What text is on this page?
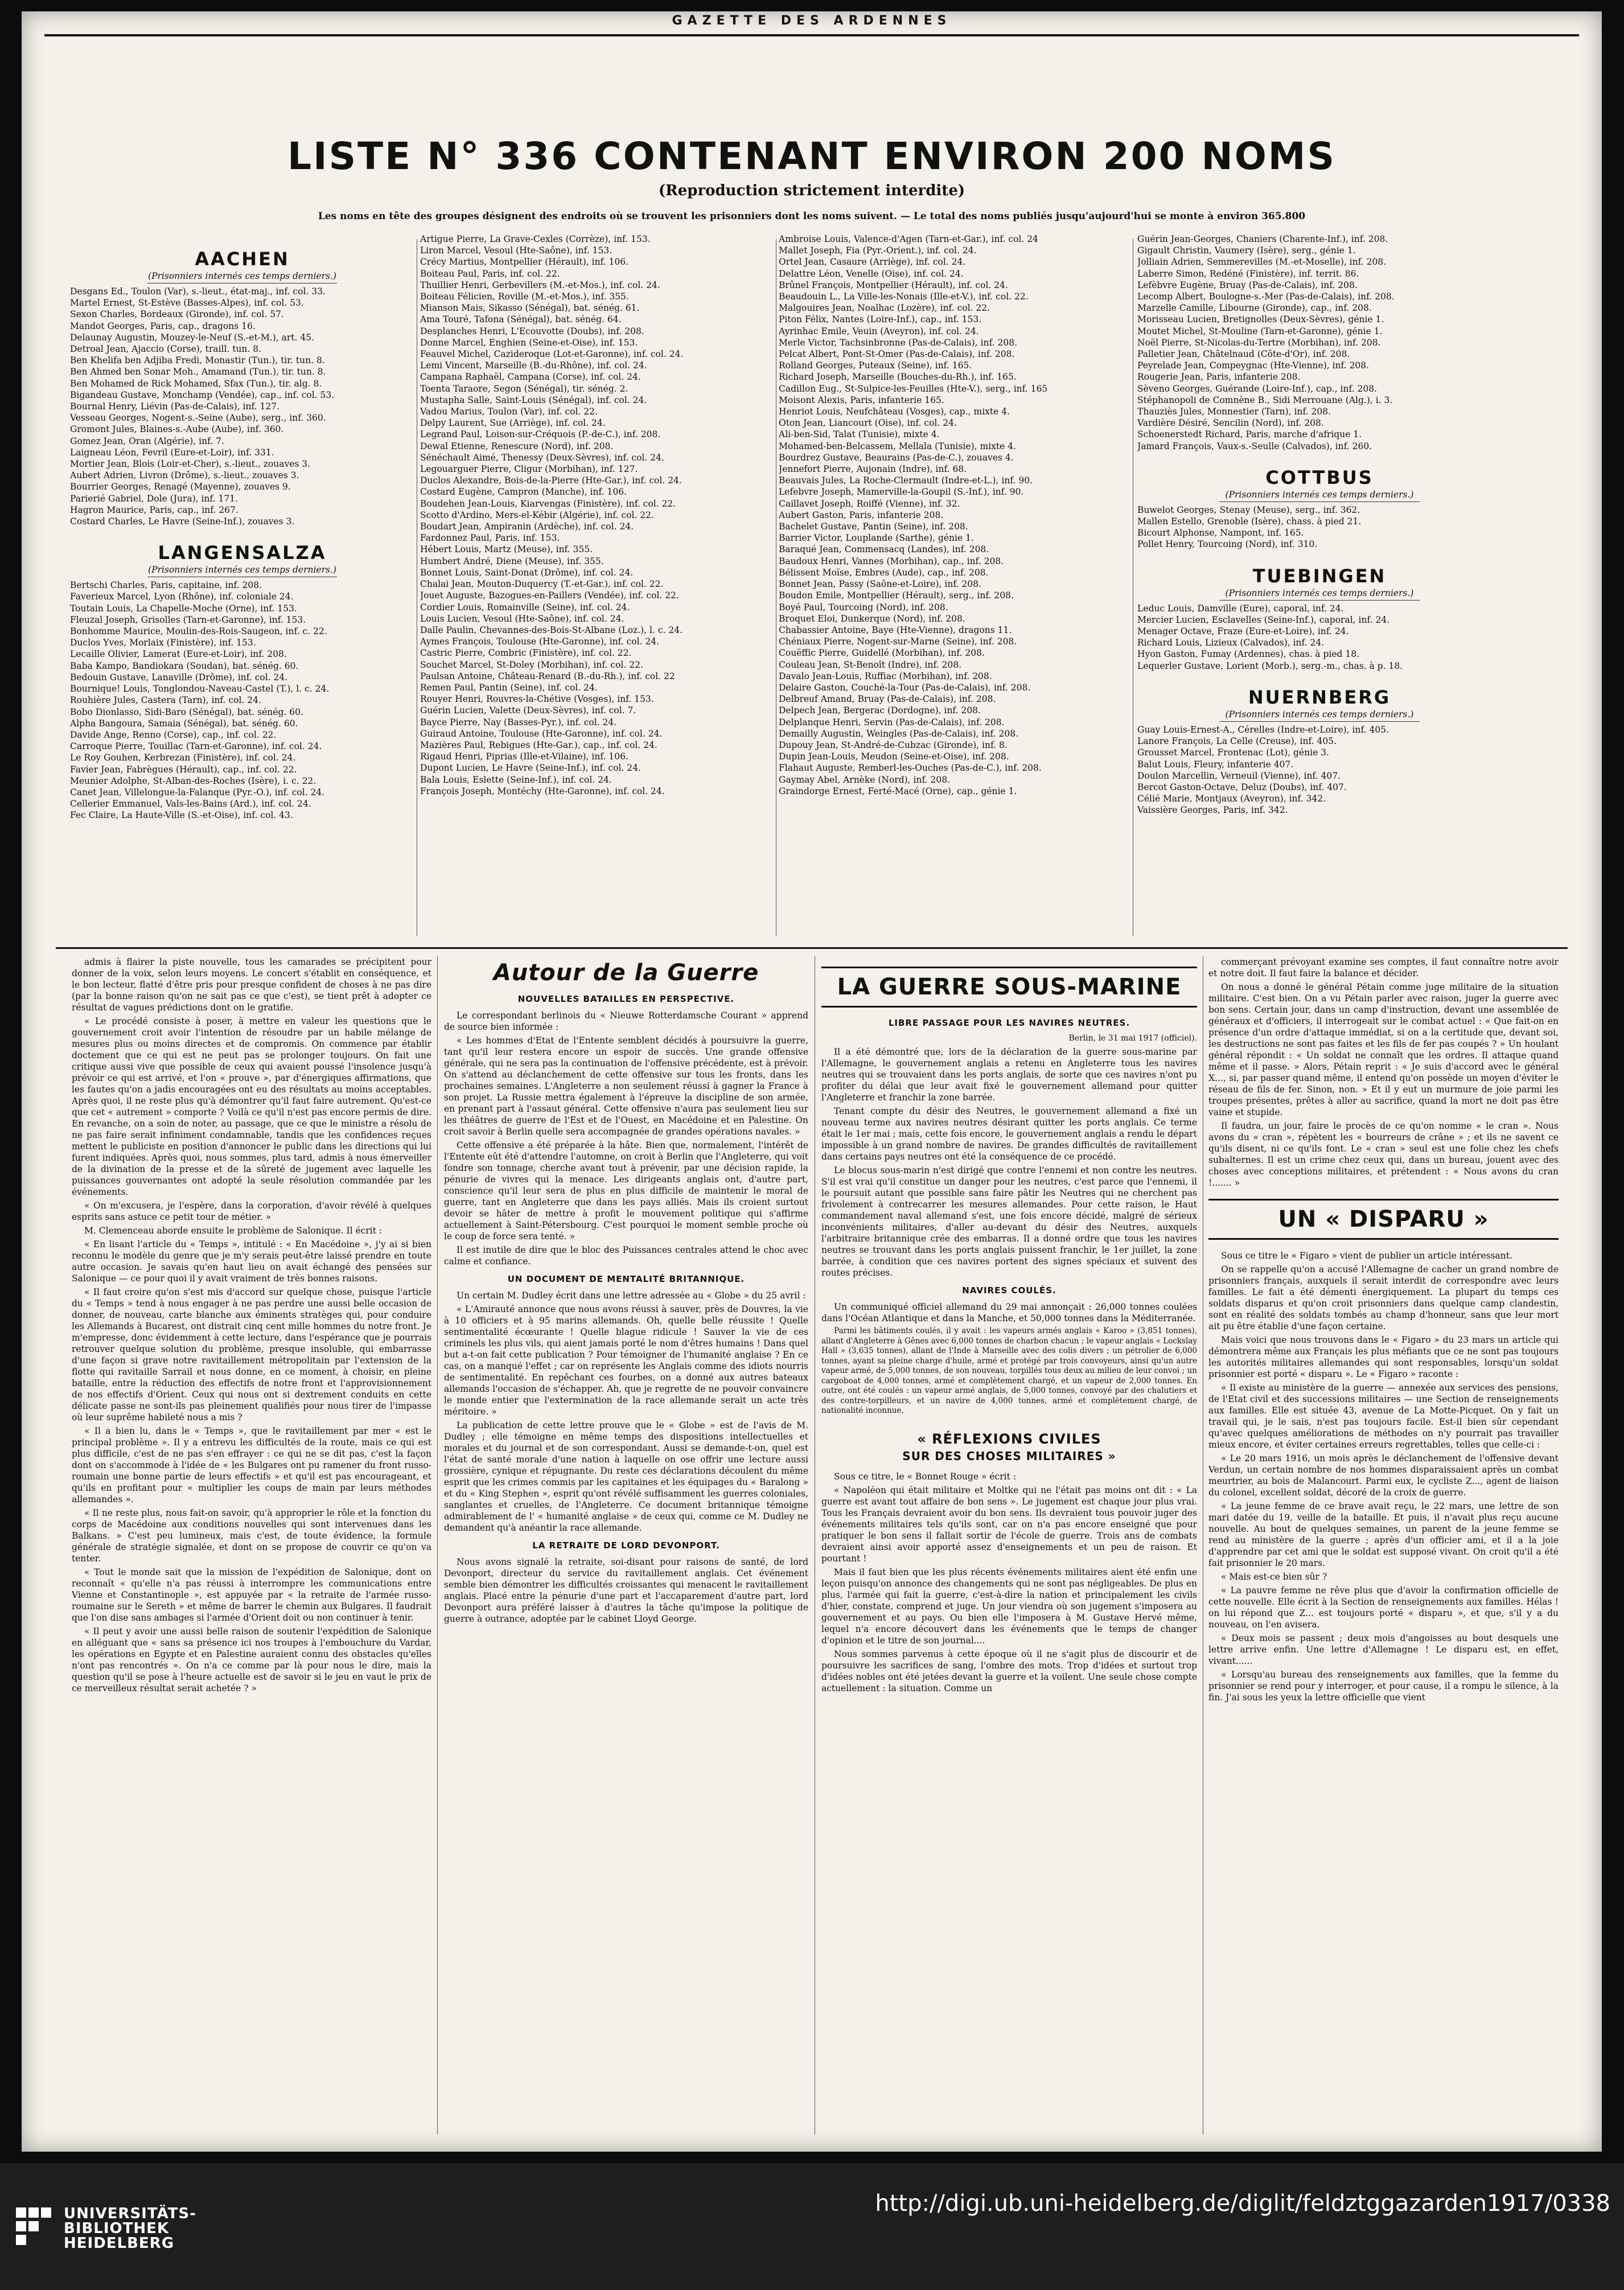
GAZETTE DES ARDENNES
LISTE N° 336 CONTENANT ENVIRON 200 NOMS
(Reproduction strictement interdite)
Les noms en tête des groupes désignent des endroits où se trouvent les prisonniers dont les noms suivent. — Le total des noms publiés jusqu'aujourd'hui se monte à environ 365.800
AACHEN
(Prisonniers internés ces temps derniers.)
Desgans Ed., Toulon (Var), s.-lieut., état-maj., inf. col. 33.
Martel Ernest, St-Estève (Basses-Alpes), inf. col. 53.
Sexon Charles, Bordeaux (Gironde), inf. col. 57.
Mandot Georges, Paris, cap., dragons 16.
Delaunay Augustin, Mouzey-le-Neuf (S.-et-M.), art. 45.
Detroal Jean, Ajaccio (Corse), traill. tun. 8.
Ben Khelifa ben Adjiba Fredi, Monastir (Tun.), tir. tun. 8.
Ben Ahmed ben Sonar Moh., Amamand (Tun.), tir. tun. 8.
Ben Mohamed de Rick Mohamed, Sfax (Tun.), tir. alg. 8.
Bigandeau Gustave, Monchamp (Vendée), cap., inf. col. 53.
Bournal Henry, Liévin (Pas-de-Calais), inf. 127.
Vesseau Georges, Nogent-s.-Seine (Aube), serg., inf. 360.
Gromont Jules, Blaines-s.-Aube (Aube), inf. 360.
Gomez Jean, Oran (Algérie), inf. 7.
Laigneau Léon, Fevril (Eure-et-Loir), inf. 331.
Mortier Jean, Blois (Loir-et-Cher), s.-lieut., zouaves 3.
Aubert Adrien, Livron (Drôme), s.-lieut., zouaves 3.
Bourrier Georges, Renagé (Mayenne), zouaves 9.
Parierié Gabriel, Dole (Jura), inf. 171.
Hagron Maurice, Paris, cap., inf. 267.
Costard Charles, Le Havre (Seine-Inf.), zouaves 3.
LANGENSALZA
(Prisonniers internés ces temps derniers.)
Bertschi Charles, Paris, capitaine, inf. 208.
Faverieux Marcel, Lyon (Rhône), inf. coloniale 24.
Toutain Louis, La Chapelle-Moche (Orne), inf. 153.
Fleuzal Joseph, Grisolles (Tarn-et-Garonne), inf. 153.
Bonhomme Maurice, Moulin-des-Rois-Saugeon, inf. c. 22.
Duclos Yves, Morlaix (Finistère), inf. 153.
Lecaille Olivier, Lamerat (Eure-et-Loir), inf. 208.
Baba Kampo, Bandiokara (Soudan), bat. sénég. 60.
Bedouin Gustave, Lanaville (Drôme), inf. col. 24.
Bournique! Louis, Tonglondou-Naveau-Castel (T.), l. c. 24.
Rouhière Jules, Castera (Tarn), inf. col. 24.
Bobo Dionlasso, Sidi-Baro (Sénégal), bat. sénég. 60.
Alpha Bangoura, Samaia (Sénégal), bat. sénég. 60.
Davide Ange, Renno (Corse), cap., inf. col. 22.
Carroque Pierre, Touillac (Tarn-et-Garonne), inf. col. 24.
Le Roy Gouhen, Kerbrezan (Finistère), inf. col. 24.
Favier Jean, Fabrègues (Hérault), cap., inf. col. 22.
Meunier Adolphe, St-Alban-des-Roches (Isère), i. c. 22.
Canet Jean, Villelongue-la-Falanque (Pyr.-O.), inf. col. 24.
Cellerier Emmanuel, Vals-les-Bains (Ard.), inf. col. 24.
Fec Claire, La Haute-Ville (S.-et-Oise), inf. col. 43.
Artigue Pierre, La Grave-Cexles (Corrèze), inf. 153.
Liron Marcel, Vesoul (Hte-Saône), inf. 153.
Crécy Martius, Montpellier (Hérault), inf. 106.
Boiteau Paul, Paris, inf. col. 22.
Thuillier Henri, Gerbevillers (M.-et-Mos.), inf. col. 24.
Boiteau Félicien, Roville (M.-et-Mos.), inf. 355.
Mianson Mais, Sikasso (Sénégal), bat. sénég. 61.
Ama Touré, Tafona (Sénégal), bat. sénég. 64.
Desplanches Henri, L'Ecouvotte (Doubs), inf. 208.
Donne Marcel, Enghien (Seine-et-Oise), inf. 153.
Feauvel Michel, Cazideroque (Lot-et-Garonne), inf. col. 24.
Lemi Vincent, Marseille (B.-du-Rhône), inf. col. 24.
Campana Raphaël, Campana (Corse), inf. col. 24.
Toenta Taraore, Segon (Sénégal), tir. sénég. 2.
Mustapha Salle, Saint-Louis (Sénégal), inf. col. 24.
Vadou Marius, Toulon (Var), inf. col. 22.
Delpy Laurent, Sue (Arriège), inf. col. 24.
Legrand Paul, Loison-sur-Créquois (P.-de-C.), inf. 208.
Dewal Etienne, Renescure (Nord), inf. 208.
Sénéchault Aimé, Thenessy (Deux-Sèvres), inf. col. 24.
Legouarguer Pierre, Cligur (Morbihan), inf. 127.
Duclos Alexandre, Bois-de-la-Pierre (Hte-Gar.), inf. col. 24.
Costard Eugène, Campron (Manche), inf. 106.
Boudehen Jean-Louis, Kiarvengas (Finistère), inf. col. 22.
Scotto d'Ardino, Mers-el-Kébir (Algérie), inf. col. 22.
Boudart Jean, Ampiranin (Ardèche), inf. col. 24.
Fardonnez Paul, Paris, inf. 153.
Hébert Louis, Martz (Meuse), inf. 355.
Humbert André, Diene (Meuse), inf. 355.
Bonnet Louis, Saint-Donat (Drôme), inf. col. 24.
Chalai Jean, Mouton-Duquercy (T.-et-Gar.), inf. col. 22.
Jouet Auguste, Bazogues-en-Paillers (Vendée), inf. col. 22.
Cordier Louis, Romainville (Seine), inf. col. 24.
Louis Lucien, Vesoul (Hte-Saône), inf. col. 24.
Dalle Paulin, Chevannes-des-Bois-St-Albane (Loz.), l. c. 24.
Aymes François, Toulouse (Hte-Garonne), inf. col. 24.
Castric Pierre, Combric (Finistère), inf. col. 22.
Souchet Marcel, St-Doley (Morbihan), inf. col. 22.
Paulsan Antoine, Château-Renard (B.-du-Rh.), inf. col. 22
Remen Paul, Pantin (Seine), inf. col. 24.
Rouyer Henri, Rouvres-la-Chétive (Vosges), inf. 153.
Guérin Lucien, Valette (Deux-Sèvres), inf. col. 7.
Bayce Pierre, Nay (Basses-Pyr.), inf. col. 24.
Guiraud Antoine, Toulouse (Hte-Garonne), inf. col. 24.
Mazières Paul, Rebigues (Hte-Gar.), cap., inf. col. 24.
Rigaud Henri, Piprias (Ille-et-Vilaine), inf. 106.
Dupont Lucien, Le Havre (Seine-Inf.), inf. col. 24.
Bala Louis, Eslette (Seine-Inf.), inf. col. 24.
François Joseph, Montéchy (Hte-Garonne), inf. col. 24.
Ambroise Louis, Valence-d'Agen (Tarn-et-Gar.), inf. col. 24
Mallet Joseph, Fia (Pyr.-Orient.), inf. col. 24.
Ortel Jean, Casaure (Arriège), inf. col. 24.
Delattre Léon, Venelle (Oise), inf. col. 24.
Brûnel François, Montpellier (Hérault), inf. col. 24.
Beaudouin L., La Ville-les-Nonais (Ille-et-V.), inf. col. 22.
Malgouires Jean, Noalhac (Lozère), inf. col. 22.
Piton Félix, Nantes (Loire-Inf.), cap., inf. 153.
Ayrinhac Emile, Veuin (Aveyron), inf. col. 24.
Merle Victor, Tachsinbronne (Pas-de-Calais), inf. 208.
Pelcat Albert, Pont-St-Omer (Pas-de-Calais), inf. 208.
Rolland Georges, Puteaux (Seine), inf. 165.
Richard Joseph, Marseille (Bouches-du-Rh.), inf. 165.
Cadillon Eug., St-Sulpice-les-Feuilles (Hte-V.), serg., inf. 165
Moisont Alexis, Paris, infanterie 165.
Henriot Louis, Neufchâteau (Vosges), cap., mixte 4.
Oton Jean, Liancourt (Oise), inf. col. 24.
Ali-ben-Sid, Talat (Tunisie), mixte 4.
Mohamed-ben-Belcassem, Mellala (Tunisie), mixte 4.
Bourdrez Gustave, Beaurains (Pas-de-C.), zouaves 4.
Jennefort Pierre, Aujonain (Indre), inf. 68.
Beauvais Jules, La Roche-Clermault (Indre-et-L.), inf. 90.
Lefebvre Joseph, Mamerville-la-Goupil (S.-Inf.), inf. 90.
Caillavet Joseph, Roiffé (Vienne), inf. 32.
Aubert Gaston, Paris, infanterie 208.
Bachelet Gustave, Pantin (Seine), inf. 208.
Barrier Victor, Louplande (Sarthe), génie 1.
Baraqué Jean, Commensacq (Landes), inf. 208.
Baudoux Henri, Vannes (Morbihan), cap., inf. 208.
Bélissent Moïse, Embres (Aude), cap., inf. 208.
Bonnet Jean, Passy (Saône-et-Loire), inf. 208.
Boudon Emile, Montpellier (Hérault), serg., inf. 208.
Boyé Paul, Tourcoing (Nord), inf. 208.
Broquet Eloi, Dunkerque (Nord), inf. 208.
Chabassier Antoine, Baye (Hte-Vienne), dragons 11.
Chéniaux Pierre, Nogent-sur-Marne (Seine), inf. 208.
Couëffic Pierre, Guidellé (Morbihan), inf. 208.
Couleau Jean, St-Benoît (Indre), inf. 208.
Davalo Jean-Louis, Ruffiac (Morbihan), inf. 208.
Delaire Gaston, Couché-la-Tour (Pas-de-Calais), inf. 208.
Delbreuf Amand, Bruay (Pas-de-Calais), inf. 208.
Delpech Jean, Bergerac (Dordogne), inf. 208.
Delplanque Henri, Servin (Pas-de-Calais), inf. 208.
Demailly Augustin, Weingles (Pas-de-Calais), inf. 208.
Dupouy Jean, St-André-de-Cubzac (Gironde), inf. 8.
Dupin Jean-Louis, Meudon (Seine-et-Oise), inf. 208.
Flahaut Auguste, Remberl-les-Ouches (Pas-de-C.), inf. 208.
Gaymay Abel, Arnèke (Nord), inf. 208.
Graindorge Ernest, Ferté-Macé (Orne), cap., génie 1.
Guérin Jean-Georges, Chaniers (Charente-Inf.), inf. 208.
Gigault Christin, Vaumery (Isère), serg., génie 1.
Jolliain Adrien, Semmerevilles (M.-et-Moselle), inf. 208.
Laberre Simon, Redéné (Finistère), inf. territ. 86.
Lefèbvre Eugène, Bruay (Pas-de-Calais), inf. 208.
Lecomp Albert, Boulogne-s.-Mer (Pas-de-Calais), inf. 208.
Marzelle Camille, Libourne (Gironde), cap., inf. 208.
Morisseau Lucien, Bretignolles (Deux-Sèvres), génie 1.
Moutet Michel, St-Mouline (Tarn-et-Garonne), génie 1.
Noël Pierre, St-Nicolas-du-Tertre (Morbihan), inf. 208.
Palletier Jean, Châtelnaud (Côte-d'Or), inf. 208.
Peyrelade Jean, Compeygnac (Hte-Vienne), inf. 208.
Rougerie Jean, Paris, infanterie 208.
Sèveno Georges, Guérande (Loire-Inf.), cap., inf. 208.
Stéphanopoli de Comnène B., Sidi Merrouane (Alg.), i. 3.
Thauziès Jules, Monnestier (Tarn), inf. 208.
Vardière Désiré, Sencilin (Nord), inf. 208.
Schoenerstedt Richard, Paris, marche d'afrique 1.
Jamard François, Vaux-s.-Seulle (Calvados), inf. 260.
COTTBUS
(Prisonniers internés ces temps derniers.)
Buwelot Georges, Stenay (Meuse), serg., inf. 362.
Mallen Estello, Grenoble (Isère), chass. à pied 21.
Bicourt Alphonse, Nampont, inf. 165.
Pollet Henry, Tourcoing (Nord), inf. 310.
TUEBINGEN
(Prisonniers internés ces temps derniers.)
Leduc Louis, Damville (Eure), caporal, inf. 24.
Mercier Lucien, Esclavelles (Seine-Inf.), caporal, inf. 24.
Menager Octave, Fraze (Eure-et-Loire), inf. 24.
Richard Louis, Lizieux (Calvados), inf. 24.
Hyon Gaston, Fumay (Ardennes), chas. à pied 18.
Lequerler Gustave, Lorient (Morb.), serg.-m., chas. à p. 18.
NUERNBERG
(Prisonniers internés ces temps derniers.)
Guay Louis-Ernest-A., Cérelles (Indre-et-Loire), inf. 405.
Lanore François, La Celle (Creuse), inf. 405.
Grousset Marcel, Frontenac (Lot), génie 3.
Balut Louis, Fleury, infanterie 407.
Doulon Marcellin, Verneuil (Vienne), inf. 407.
Bercot Gaston-Octave, Deluz (Doubs), inf. 407.
Célié Marie, Montjaux (Aveyron), inf. 342.
Vaissière Georges, Paris, inf. 342.

admis à flairer la piste nouvelle, tous les camarades se précipitent pour donner de la voix, selon leurs moyens. Le concert s'établit en conséquence, et le bon lecteur, flatté d'être pris pour presque confident de choses à ne pas dire (par la bonne raison qu'on ne sait pas ce que c'est), se tient prêt à adopter ce résultat de vagues prédictions dont on le gratifie.

« Le procédé consiste à poser, à mettre en valeur les questions que le gouvernement croit avoir l'intention de résoudre par un habile mélange de mesures plus ou moins directes et de compromis. On commence par établir doctement que ce qui est ne peut pas se prolonger toujours. On fait une critique aussi vive que possible de ceux qui avaient poussé l'insolence jusqu'à prévoir ce qui est arrivé, et l'on « prouve », par d'énergiques affirmations, que les fautes qu'on a jadis encouragées ont eu des résultats au moins acceptables. Après quoi, il ne reste plus qu'à démontrer qu'il faut faire autrement. Qu'est-ce que cet « autrement » comporte ? Voilà ce qu'il n'est pas encore permis de dire. En revanche, on a soin de noter, au passage, que ce que le ministre a résolu de ne pas faire serait infiniment condamnable, tandis que les confidences reçues mettent le publiciste en position d'annoncer le public dans les directions qui lui furent indiquées. Après quoi, nous sommes, plus tard, admis à nous émerveiller de la divination de la presse et de la sûreté de jugement avec laquelle les puissances gouvernantes ont adopté la seule résolution commandée par les événements.

« On m'excusera, je l'espère, dans la corporation, d'avoir révélé à quelques esprits sans astuce ce petit tour de métier. »

M. Clemenceau aborde ensuite le problème de Salonique. Il écrit :

« En lisant l'article du « Temps », intitulé : « En Macédoine », j'y ai si bien reconnu le modèle du genre que je m'y serais peut-être laissé prendre en toute autre occasion. Je savais qu'en haut lieu on avait échangé des pensées sur Salonique — ce pour quoi il y avait vraiment de très bonnes raisons.

« Il faut croire qu'on s'est mis d'accord sur quelque chose, puisque l'article du « Temps » tend à nous engager à ne pas perdre une aussi belle occasion de donner, de nouveau, carte blanche aux éminents stratèges qui, pour conduire les Allemands à Bucarest, ont distrait cinq cent mille hommes du notre front. Je m'empresse, donc évidemment à cette lecture, dans l'espérance que je pourrais retrouver quelque solution du problème, presque insoluble, qui embarrasse d'une façon si grave notre ravitaillement métropolitain par l'extension de la flotte qui ravitaille Sarrail et nous donne, en ce moment, à choisir, en pleine bataille, entre la réduction des effectifs de notre front et l'approvisionnement de nos effectifs d'Orient. Ceux qui nous ont si dextrement conduits en cette délicate passe ne sont-ils pas pleinement qualifiés pour nous tirer de l'impasse où leur suprême habileté nous a mis ?

« Il a bien lu, dans le « Temps », que le ravitaillement par mer « est le principal problème ». Il y a entrevu les difficultés de la route, mais ce qui est plus difficile, c'est de ne pas s'en effrayer : ce qui ne se dit pas, c'est la façon dont on s'accommode à l'idée de « les Bulgares ont pu ramener du front russo-roumain une bonne partie de leurs effectifs » et qu'il est pas encourageant, et qu'ils en profitant pour « multiplier les coups de main par leurs méthodes allemandes ».

« Il ne reste plus, nous fait-on savoir, qu'à approprier le rôle et la fonction du corps de Macédoine aux conditions nouvelles qui sont intervenues dans les Balkans. » C'est peu lumineux, mais c'est, de toute évidence, la formule générale de stratégie signalée, et dont on se propose de couvrir ce qu'on va tenter.

« Tout le monde sait que la mission de l'expédition de Salonique, dont on reconnaît « qu'elle n'a pas réussi à interrompre les communications entre Vienne et Constantinople », est appuyée par « la retraite de l'armée russo-roumaine sur le Sereth » et même de barrer le chemin aux Bulgares. Il faudrait que l'on dise sans ambages si l'armée d'Orient doit ou non continuer à tenir.

« Il peut y avoir une aussi belle raison de soutenir l'expédition de Salonique en alléguant que « sans sa présence ici nos troupes à l'embouchure du Vardar, les opérations en Egypte et en Palestine auraient connu des obstacles qu'elles n'ont pas rencontrés ». On n'a ce comme par là pour nous le dire, mais la question qu'il se pose à l'heure actuelle est de savoir si le jeu en vaut le prix de ce merveilleux résultat serait achetée ? »

Autour de la Guerre
NOUVELLES BATAILLES EN PERSPECTIVE.

Le correspondant berlinois du « Nieuwe Rotterdamsche Courant » apprend de source bien informée :

« Les hommes d'Etat de l'Entente semblent décidés à poursuivre la guerre, tant qu'il leur restera encore un espoir de succès. Une grande offensive générale, qui ne sera pas la continuation de l'offensive précédente, est à prévoir. On s'attend au déclanchement de cette offensive sur tous les fronts, dans les prochaines semaines. L'Angleterre a non seulement réussi à gagner la France à son projet. La Russie mettra également à l'épreuve la discipline de son armée, en prenant part à l'assaut général. Cette offensive n'aura pas seulement lieu sur les théâtres de guerre de l'Est et de l'Ouest, en Macédoine et en Palestine. On croit savoir à Berlin quelle sera accompagnée de grandes opérations navales. »

Cette offensive a été préparée à la hâte. Bien que, normalement, l'intérêt de l'Entente eût été d'attendre l'automne, on croit à Berlin que l'Angleterre, qui voit fondre son tonnage, cherche avant tout à prévenir, par une décision rapide, la pénurie de vivres qui la menace. Les dirigeants anglais ont, d'autre part, conscience qu'il leur sera de plus en plus difficile de maintenir le moral de guerre, tant en Angleterre que dans les pays alliés. Mais ils croient surtout devoir se hâter de mettre à profit le mouvement politique qui s'affirme actuellement à Saint-Pétersbourg. C'est pourquoi le moment semble proche où le coup de force sera tenté. »

Il est inutile de dire que le bloc des Puissances centrales attend le choc avec calme et confiance.

UN DOCUMENT DE MENTALITÉ BRITANNIQUE.

Un certain M. Dudley écrit dans une lettre adressée au « Globe » du 25 avril :

« L'Amirauté annonce que nous avons réussi à sauver, près de Douvres, la vie à 10 officiers et à 95 marins allemands. Oh, quelle belle réussite ! Quelle sentimentalité écœurante ! Quelle blague ridicule ! Sauver la vie de ces criminels les plus vils, qui aient jamais porté le nom d'êtres humains ! Dans quel but a-t-on fait cette publication ? Pour témoigner de l'humanité anglaise ? En ce cas, on a manqué l'effet ; car on représente les Anglais comme des idiots nourris de sentimentalité. En repêchant ces fourbes, on a donné aux autres bateaux allemands l'occasion de s'échapper. Ah, que je regrette de ne pouvoir convaincre le monde entier que l'extermination de la race allemande serait un acte très méritoire. »

La publication de cette lettre prouve que le « Globe » est de l'avis de M. Dudley ; elle témoigne en même temps des dispositions intellectuelles et morales et du journal et de son correspondant. Aussi se demande-t-on, quel est l'état de santé morale d'une nation à laquelle on ose offrir une lecture aussi grossière, cynique et répugnante. Du reste ces déclarations découlent du même esprit que les crimes commis par les capitaines et les équipages du « Baralong » et du « King Stephen », esprit qu'ont révélé suffisamment les guerres coloniales, sanglantes et cruelles, de l'Angleterre. Ce document britannique témoigne admirablement de l' « humanité anglaise » de ceux qui, comme ce M. Dudley ne demandent qu'à anéantir la race allemande.

LA RETRAITE DE LORD DEVONPORT.

Nous avons signalé la retraite, soi-disant pour raisons de santé, de lord Devonport, directeur du service du ravitaillement anglais. Cet événement semble bien démontrer les difficultés croissantes qui menacent le ravitaillement anglais. Placé entre la pénurie d'une part et l'accaparement d'autre part, lord Devonport aura préféré laisser à d'autres la tâche qu'impose la politique de guerre à outrance, adoptée par le cabinet Lloyd George.

LA GUERRE SOUS-MARINE
LIBRE PASSAGE POUR LES NAVIRES NEUTRES.
Berlin, le 31 mai 1917 (officiel).

Il a été démontré que, lors de la déclaration de la guerre sous-marine par l'Allemagne, le gouvernement anglais a retenu en Angleterre tous les navires neutres qui se trouvaient dans les ports anglais, de sorte que ces navires n'ont pu profiter du délai que leur avait fixé le gouvernement allemand pour quitter l'Angleterre et franchir la zone barrée.

Tenant compte du désir des Neutres, le gouvernement allemand a fixé un nouveau terme aux navires neutres désirant quitter les ports anglais. Ce terme était le 1er mai ; mais, cette fois encore, le gouvernement anglais a rendu le départ impossible à un grand nombre de navires. De grandes difficultés de ravitaillement dans certains pays neutres ont été la conséquence de ce procédé.

Le blocus sous-marin n'est dirigé que contre l'ennemi et non contre les neutres. S'il est vrai qu'il constitue un danger pour les neutres, c'est parce que l'ennemi, il le poursuit autant que possible sans faire pâtir les Neutres qui ne cherchent pas frivolement à contrecarrer les mesures allemandes. Pour cette raison, le Haut commandement naval allemand s'est, une fois encore décidé, malgré de sérieux inconvénients militaires, d'aller au-devant du désir des Neutres, auxquels l'arbitraire britannique crée des embarras. Il a donné ordre que tous les navires neutres se trouvant dans les ports anglais puissent franchir, le 1er juillet, la zone barrée, à condition que ces navires portent des signes spéciaux et suivent des routes précises.

NAVIRES COULÉS.

Un communiqué officiel allemand du 29 mai annonçait : 26,000 tonnes coulées dans l'Océan Atlantique et dans la Manche, et 50,000 tonnes dans la Méditerranée.

Parmi les bâtiments coulés, il y avait : les vapeurs armés anglais « Karoo » (3,851 tonnes), allant d'Angleterre à Gênes avec 6,000 tonnes de charbon chacun ; le vapeur anglais « Lockslay Hall » (3,635 tonnes), allant de l'Inde à Marseille avec des colis divers ; un pétrolier de 6,000 tonnes, ayant sa pleine charge d'huile, armé et protégé par trois convoyeurs, ainsi qu'un autre vapeur armé, de 5,000 tonnes, de son nouveau, torpillés tous deux au milieu de leur convoi ; un cargoboat de 4,000 tonnes, armé et complètement chargé, et un vapeur de 2,000 tonnes. En outre, ont été coulés : un vapeur armé anglais, de 5,000 tonnes, convoyé par des chalutiers et des contre-torpilleurs, et un navire de 4,000 tonnes, armé et complètement chargé, de nationalité inconnue.

« RÉFLEXIONS CIVILES
SUR DES CHOSES MILITAIRES »

Sous ce titre, le « Bonnet Rouge » écrit :

« Napoléon qui était militaire et Moltke qui ne l'était pas moins ont dit : « La guerre est avant tout affaire de bon sens ». Le jugement est chaque jour plus vrai. Tous les Français devraient avoir du bon sens. Ils devraient tous pouvoir juger des événements militaires tels qu'ils sont, car on n'a pas encore enseigné que pour pratiquer le bon sens il fallait sortir de l'école de guerre. Trois ans de combats devraient ainsi avoir apporté assez d'enseignements et un peu de raison. Et pourtant !

Mais il faut bien que les plus récents événements militaires aient été enfin une leçon puisqu'on annonce des changements qui ne sont pas négligeables. De plus en plus, l'armée qui fait la guerre, c'est-à-dire la nation et principalement les civils d'hier, constate, comprend et juge. Un jour viendra où son jugement s'imposera au gouvernement et au pays. Ou bien elle l'imposera à M. Gustave Hervé même, lequel n'a encore découvert dans les événements que le temps de changer d'opinion et le titre de son journal....

Nous sommes parvenus à cette époque où il ne s'agit plus de discourir et de poursuivre les sacrifices de sang, l'ombre des mots. Trop d'idées et surtout trop d'idées nobles ont été jetées devant la guerre et la voilent. Une seule chose compte actuellement : la situation. Comme un

commerçant prévoyant examine ses comptes, il faut connaître notre avoir et notre doit. Il faut faire la balance et décider.

On nous a donné le général Pétain comme juge militaire de la situation militaire. C'est bien. On a vu Pétain parler avec raison, juger la guerre avec bon sens. Certain jour, dans un camp d'instruction, devant une assemblée de généraux et d'officiers, il interrogeait sur le combat actuel : « Que fait-on en présence d'un ordre d'attaque immédiat, si on a la certitude que, devant soi, les destructions ne sont pas faites et les fils de fer pas coupés ? » Un houlant général répondit : « Un soldat ne connaît que les ordres. Il attaque quand même et il passe. » Alors, Pétain reprit : « Je suis d'accord avec le général X..., si, par passer quand même, il entend qu'on possède un moyen d'éviter le réseau de fils de fer. Sinon, non. » Et il y eut un murmure de joie parmi les troupes présentes, prêtes à aller au sacrifice, quand la mort ne doit pas être vaine et stupide.

Il faudra, un jour, faire le procès de ce qu'on nomme « le cran ». Nous avons du « cran », répètent les « bourreurs de crâne » ; et ils ne savent ce qu'ils disent, ni ce qu'ils font. Le « cran » seul est une folie chez les chefs subalternes. Il est un crime chez ceux qui, dans un bureau, jouent avec des choses avec conceptions militaires, et prétendent : « Nous avons du cran !....... »

UN « DISPARU »

Sous ce titre le « Figaro » vient de publier un article intéressant.

On se rappelle qu'on a accusé l'Allemagne de cacher un grand nombre de prisonniers français, auxquels il serait interdit de correspondre avec leurs familles. Le fait a été démenti énergiquement. La plupart du temps ces soldats disparus et qu'on croit prisonniers dans quelque camp clandestin, sont en réalité des soldats tombés au champ d'honneur, sans que leur mort ait pu être établie d'une façon certaine.

Mais voici que nous trouvons dans le « Figaro » du 23 mars un article qui démontrera même aux Français les plus méfiants que ce ne sont pas toujours les autorités militaires allemandes qui sont responsables, lorsqu'un soldat prisonnier est porté « disparu ». Le « Figaro » raconte :

« Il existe au ministère de la guerre — annexée aux services des pensions, de l'Etat civil et des successions militaires — une Section de renseignements aux familles. Elle est située 43, avenue de La Motte-Picquet. On y fait un travail qui, je le sais, n'est pas toujours facile. Est-il bien sûr cependant qu'avec quelques améliorations de méthodes on n'y pourrait pas travailler mieux encore, et éviter certaines erreurs regrettables, telles que celle-ci :

« Le 20 mars 1916, un mois après le déclanchement de l'offensive devant Verdun, un certain nombre de nos hommes disparaissaient après un combat meurtrier, au bois de Malancourt. Parmi eux, le cycliste Z..., agent de liaison du colonel, excellent soldat, décoré de la croix de guerre.

« La jeune femme de ce brave avait reçu, le 22 mars, une lettre de son mari datée du 19, veille de la bataille. Et puis, il n'avait plus reçu aucune nouvelle. Au bout de quelques semaines, un parent de la jeune femme se rend au ministère de la guerre ; après d'un officier ami, et il a la joie d'apprendre par cet ami que le soldat est supposé vivant. On croit qu'il a été fait prisonnier le 20 mars.

« Mais est-ce bien sûr ?

« La pauvre femme ne rêve plus que d'avoir la confirmation officielle de cette nouvelle. Elle écrit à la Section de renseignements aux familles. Hélas ! on lui répond que Z... est toujours porté « disparu », et que, s'il y a du nouveau, on l'en avisera.

« Deux mois se passent ; deux mois d'angoisses au bout desquels une lettre arrive enfin. Une lettre d'Allemagne ! Le disparu est, en effet, vivant......

« Lorsqu'au bureau des renseignements aux familles, que la femme du prisonnier se rend pour y interroger, et pour cause, il a rompu le silence, à la fin. J'ai sous les yeux la lettre officielle que vient

UNIVERSITÄTS-
BIBLIOTHEK
HEIDELBERG
http://digi.ub.uni-heidelberg.de/diglit/feldztggazarden1917/0338
